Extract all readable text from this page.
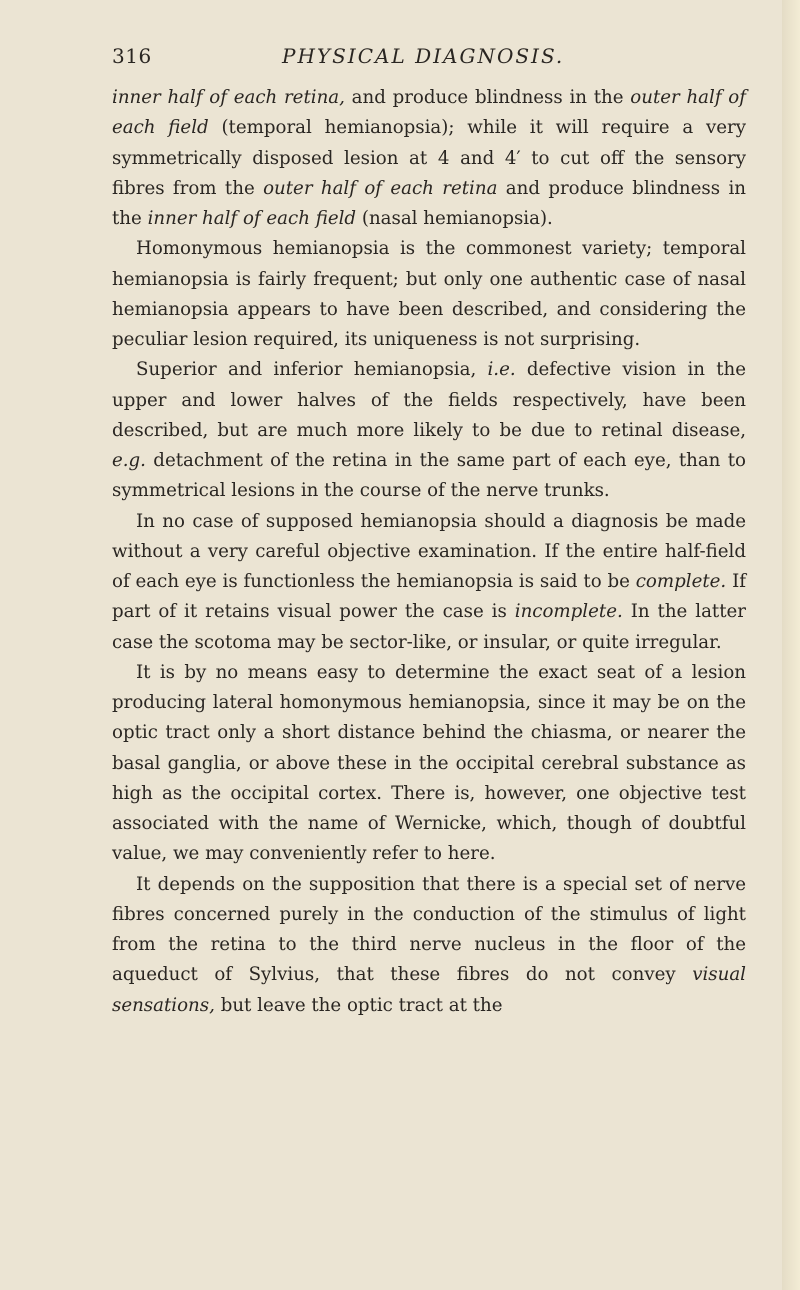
316	PHYSICAL DIAGNOSIS.

inner half of each retina, and produce blindness in the outer half of each field (temporal hemianopsia); while it will require a very symmetrically disposed lesion at 4 and 4′ to cut off the sensory fibres from the outer half of each retina and produce blindness in the inner half of each field (nasal hemianopsia).

Homonymous hemianopsia is the commonest variety; temporal hemianopsia is fairly frequent; but only one authentic case of nasal hemianopsia appears to have been described, and considering the peculiar lesion required, its uniqueness is not surprising.

Superior and inferior hemianopsia, i.e. defective vision in the upper and lower halves of the fields respectively, have been described, but are much more likely to be due to retinal disease, e.g. detachment of the retina in the same part of each eye, than to symmetrical lesions in the course of the nerve trunks.

In no case of supposed hemianopsia should a diagnosis be made without a very careful objective examination. If the entire half-field of each eye is functionless the hemianopsia is said to be complete. If part of it retains visual power the case is incomplete. In the latter case the scotoma may be sector-like, or insular, or quite irregular.

It is by no means easy to determine the exact seat of a lesion producing lateral homonymous hemianopsia, since it may be on the optic tract only a short distance behind the chiasma, or nearer the basal ganglia, or above these in the occipital cerebral substance as high as the occipital cortex. There is, however, one objective test associated with the name of Wernicke, which, though of doubtful value, we may conveniently refer to here.

It depends on the supposition that there is a special set of nerve fibres concerned purely in the conduction of the stimulus of light from the retina to the third nerve nucleus in the floor of the aqueduct of Sylvius, that these fibres do not convey visual sensations, but leave the optic tract at the
